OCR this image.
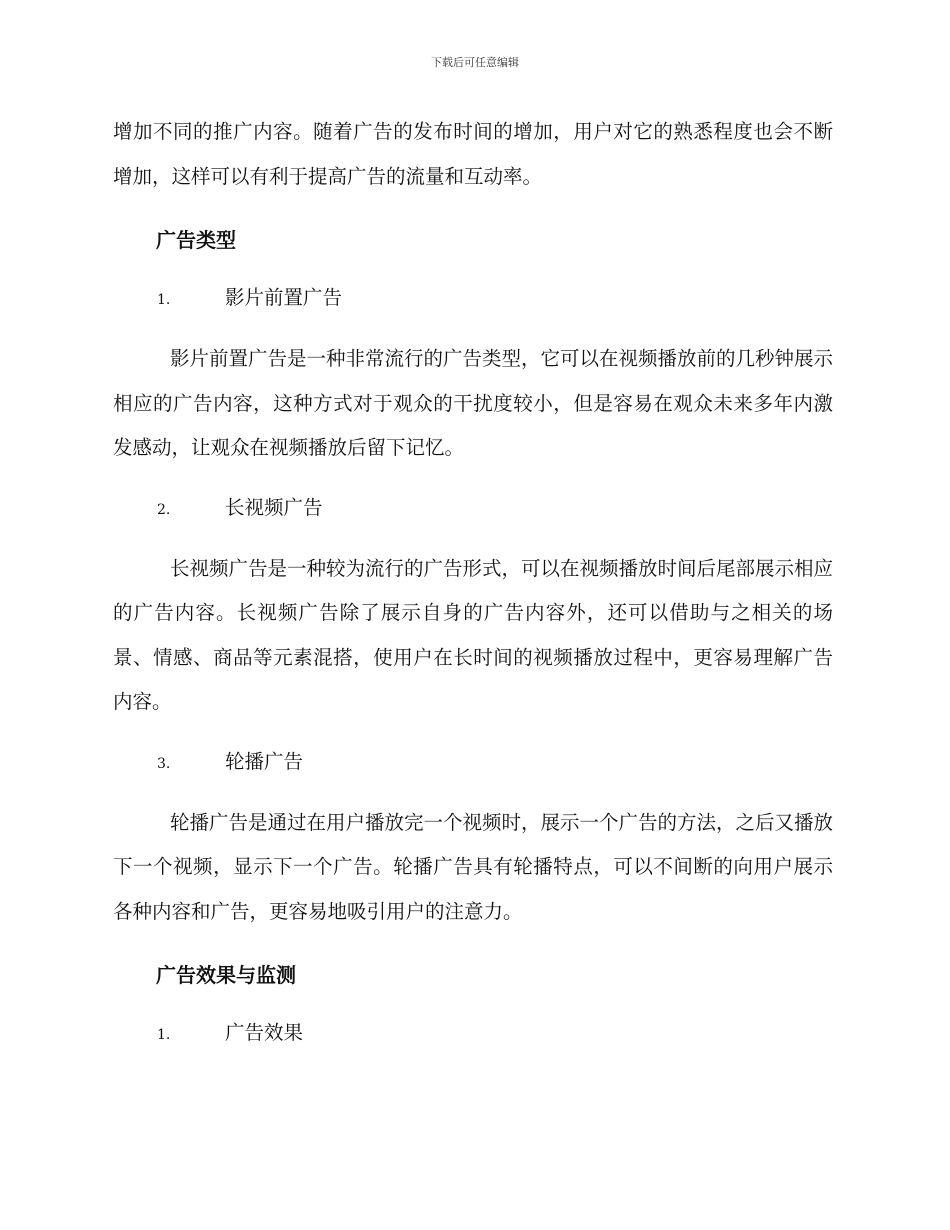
下载后可任意编辑

增加不同的推广内容。随着广告的发布时间的增加，用户对它的熟悉程度也会不断增加，这样可以有利于提高广告的流量和互动率。

广告类型
1.	影片前置广告

影片前置广告是一种非常流行的广告类型，它可以在视频播放前的几秒钟展示相应的广告内容，这种方式对于观众的干扰度较小，但是容易在观众未来多年内激发感动，让观众在视频播放后留下记忆。

2.	长视频广告

长视频广告是一种较为流行的广告形式，可以在视频播放时间后尾部展示相应的广告内容。长视频广告除了展示自身的广告内容外，还可以借助与之相关的场景、情感、商品等元素混搭，使用户在长时间的视频播放过程中，更容易理解广告内容。

3.	轮播广告

轮播广告是通过在用户播放完一个视频时，展示一个广告的方法，之后又播放下一个视频，显示下一个广告。轮播广告具有轮播特点，可以不间断的向用户展示各种内容和广告，更容易地吸引用户的注意力。

广告效果与监测
1.	广告效果
